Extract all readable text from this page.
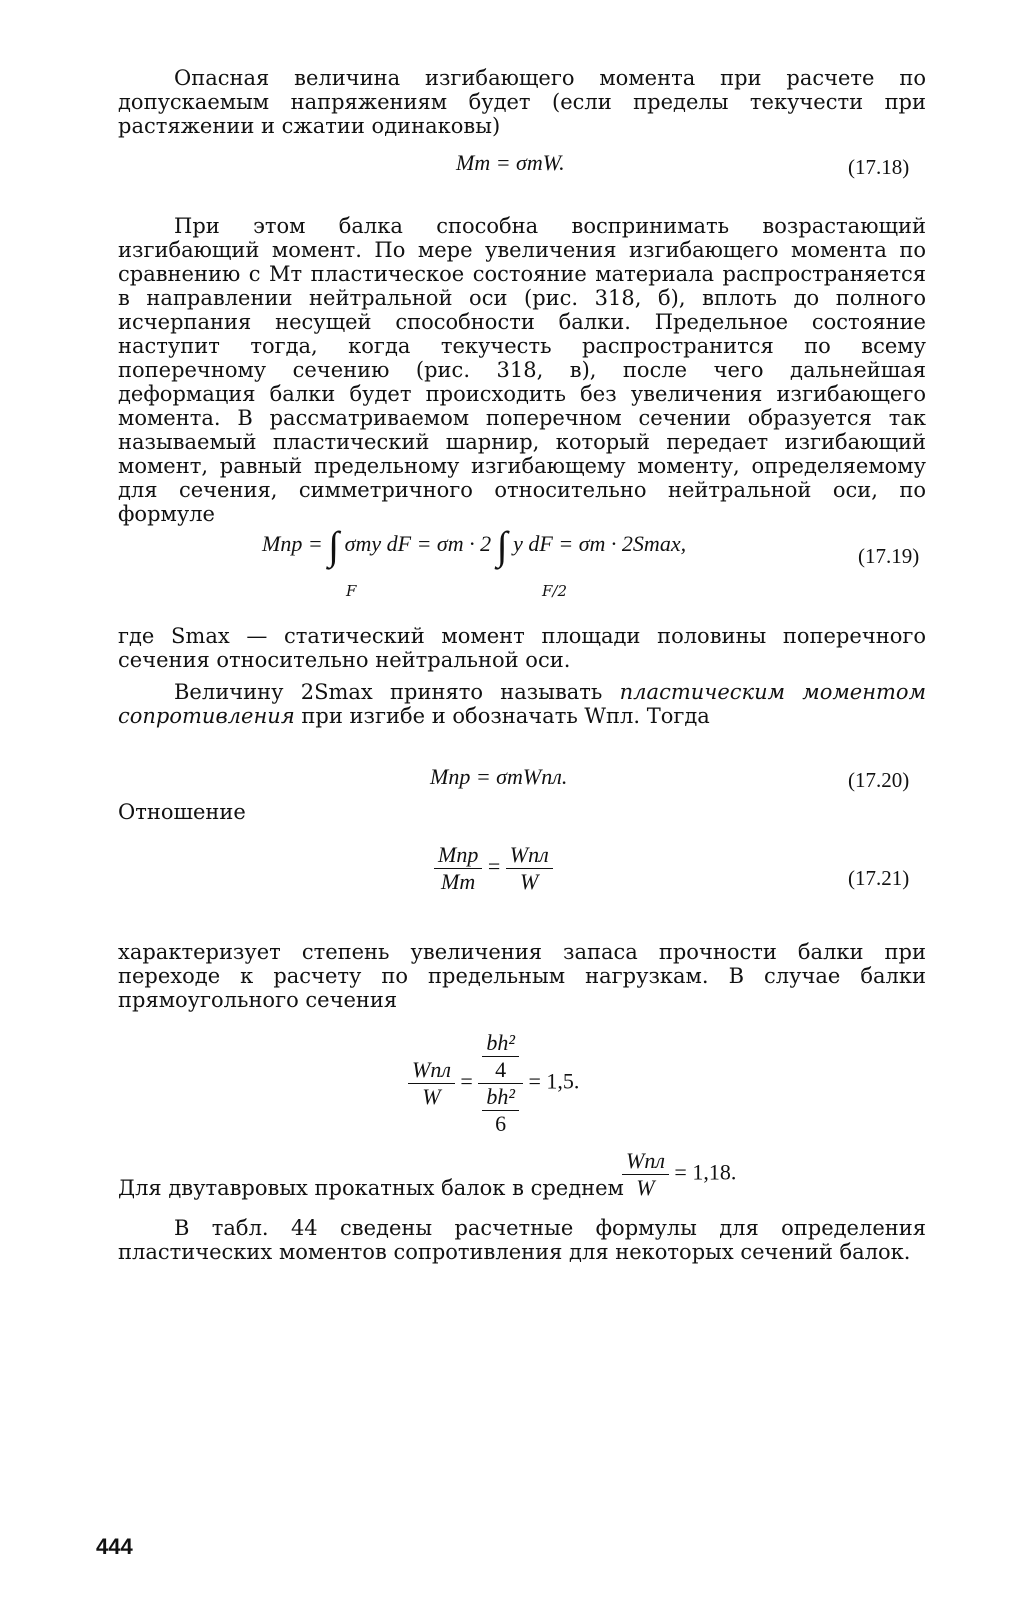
Опасная величина изгибающего момента при расчете по допускаемым напряжениям будет (если пределы текучести при растяжении и сжатии одинаковы)

Mт = σтW.	(17.18)

При этом балка способна воспринимать возрастающий изгибающий момент. По мере увеличения изгибающего момента по сравнению с Mт пластическое состояние материала распространяется в направлении нейтральной оси (рис. 318, б), вплоть до полного исчерпания несущей способности балки. Предельное состояние наступит тогда, когда текучесть распространится по всему поперечному сечению (рис. 318, в), после чего дальнейшая деформация балки будет происходить без увеличения изгибающего момента. В рассматриваемом поперечном сечении образуется так называемый пластический шарнир, который передает изгибающий момент, равный предельному изгибающему моменту, определяемому для сечения, симметричного относительно нейтральной оси, по формуле

Mпр = ∫ σтy dF = σт · 2 ∫ y dF = σт · 2Smax,
F	F/2
(17.19)

где Smax — статический момент площади половины поперечного сечения относительно нейтральной оси.

Величину 2Smax принято называть пластическим моментом сопротивления при изгибе и обозначать Wпл. Тогда

Mпр = σтWпл.	(17.20)

Отношение

$\frac{\text{Mпр}}{Mт} = \frac{\text{Wпл}}{W}$	(17.21)

характеризует степень увеличения запаса прочности балки при переходе к расчету по предельным нагрузкам. В случае балки прямоугольного сечения

$\frac{\text{Wпл}}{W} = \frac{\frac{\text{bh²}}{4}}{\frac{\text{bh²}}{6}} = 1,5$.

Для двутавровых прокатных балок в среднем

$\frac{\text{Wпл}}{W} = 1,18$.

В табл. 44 сведены расчетные формулы для определения пластических моментов сопротивления для некоторых сечений балок.

444
